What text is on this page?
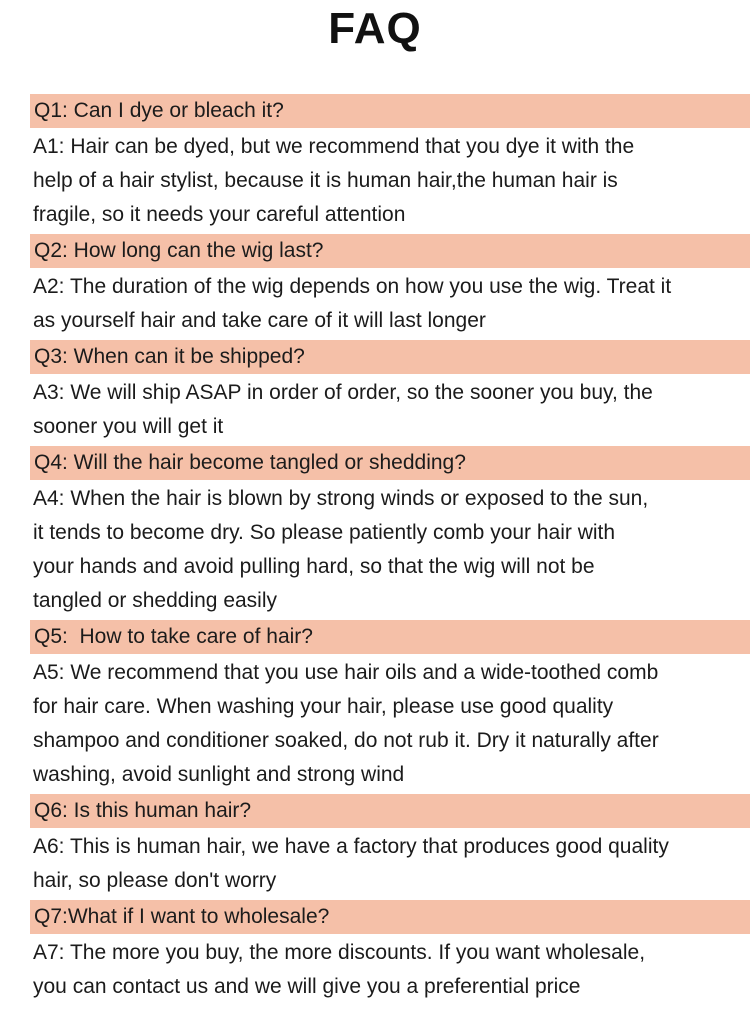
FAQ
Q1: Can I dye or bleach it?
A1: Hair can be dyed, but we recommend that you dye it with the
help of a hair stylist, because it is human hair,the human hair is
fragile, so it needs your careful attention
Q2: How long can the wig last?
A2: The duration of the wig depends on how you use the wig. Treat it
as yourself hair and take care of it will last longer
Q3: When can it be shipped?
A3: We will ship ASAP in order of order, so the sooner you buy, the
sooner you will get it
Q4: Will the hair become tangled or shedding?
A4: When the hair is blown by strong winds or exposed to the sun,
it tends to become dry. So please patiently comb your hair with
your hands and avoid pulling hard, so that the wig will not be
tangled or shedding easily
Q5:  How to take care of hair?
A5: We recommend that you use hair oils and a wide-toothed comb
for hair care. When washing your hair, please use good quality
shampoo and conditioner soaked, do not rub it. Dry it naturally after
washing, avoid sunlight and strong wind
Q6: Is this human hair?
A6: This is human hair, we have a factory that produces good quality
hair, so please don't worry
Q7:What if I want to wholesale?
A7: The more you buy, the more discounts. If you want wholesale,
you can contact us and we will give you a preferential price
